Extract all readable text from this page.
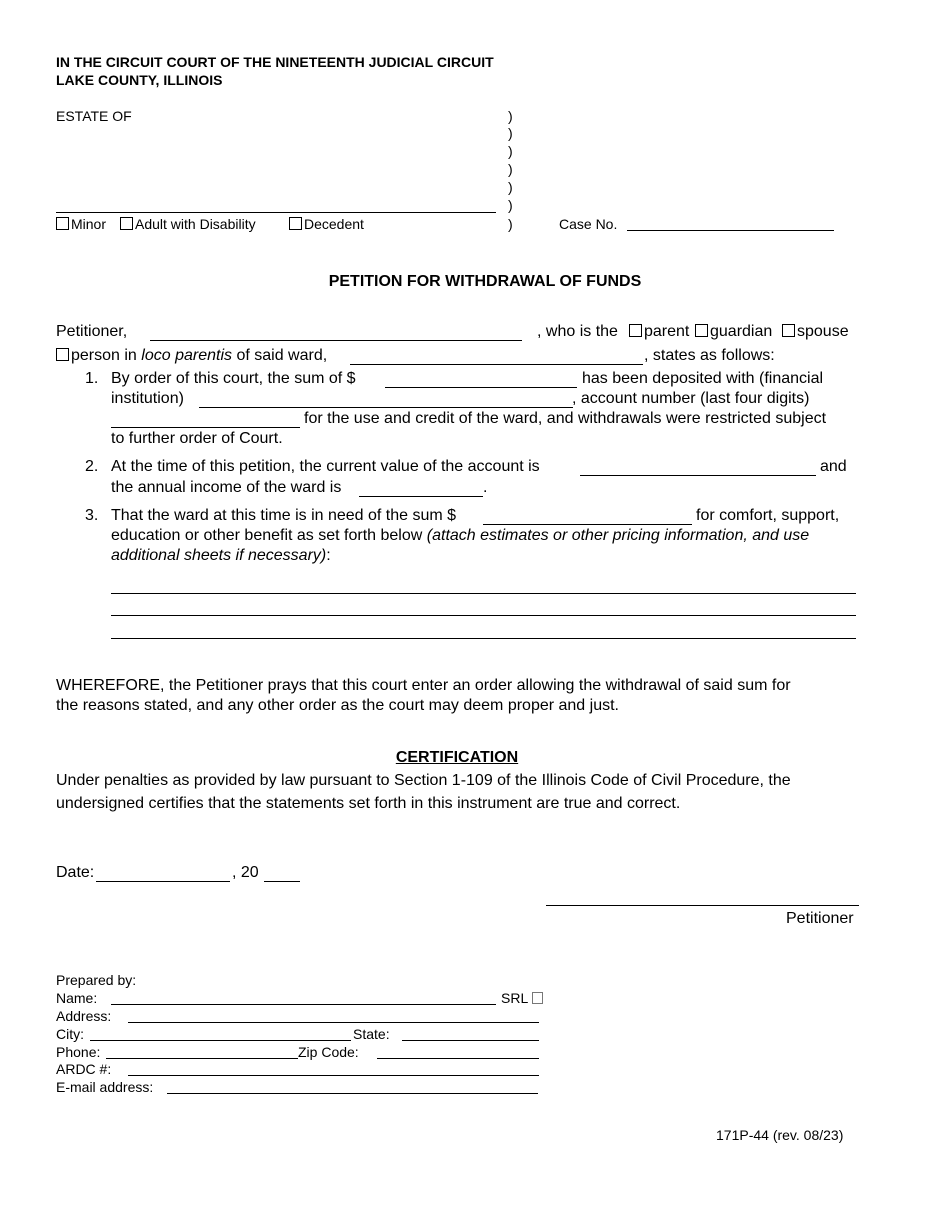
IN THE CIRCUIT COURT OF THE NINETEENTH JUDICIAL CIRCUIT
LAKE COUNTY, ILLINOIS
ESTATE OF	)
)
)
)
)
)
)
Minor	Adult with Disability	Decedent	Case No.
PETITION FOR WITHDRAWAL OF FUNDS
Petitioner,	, who is the	parent	guardian	spouse
person in loco parentis of said ward,	, states as follows:
1. By order of this court, the sum of $	has been deposited with (financial
institution)	, account number (last four digits)
for the use and credit of the ward, and withdrawals were restricted subject
to further order of Court.
2. At the time of this petition, the current value of the account is	and
the annual income of the ward is	.
3. That the ward at this time is in need of the sum $	for comfort, support,
education or other benefit as set forth below (attach estimates or other pricing information, and use
additional sheets if necessary):
WHEREFORE, the Petitioner prays that this court enter an order allowing the withdrawal of said sum for
the reasons stated, and any other order as the court may deem proper and just.
CERTIFICATION
Under penalties as provided by law pursuant to Section 1-109 of the Illinois Code of Civil Procedure, the
undersigned certifies that the statements set forth in this instrument are true and correct.
Date:	, 20
Petitioner
Prepared by:
Name:	SRL
Address:
City:	State:
Phone:	Zip Code:
ARDC #:
E-mail address:
171P-44 (rev. 08/23)
